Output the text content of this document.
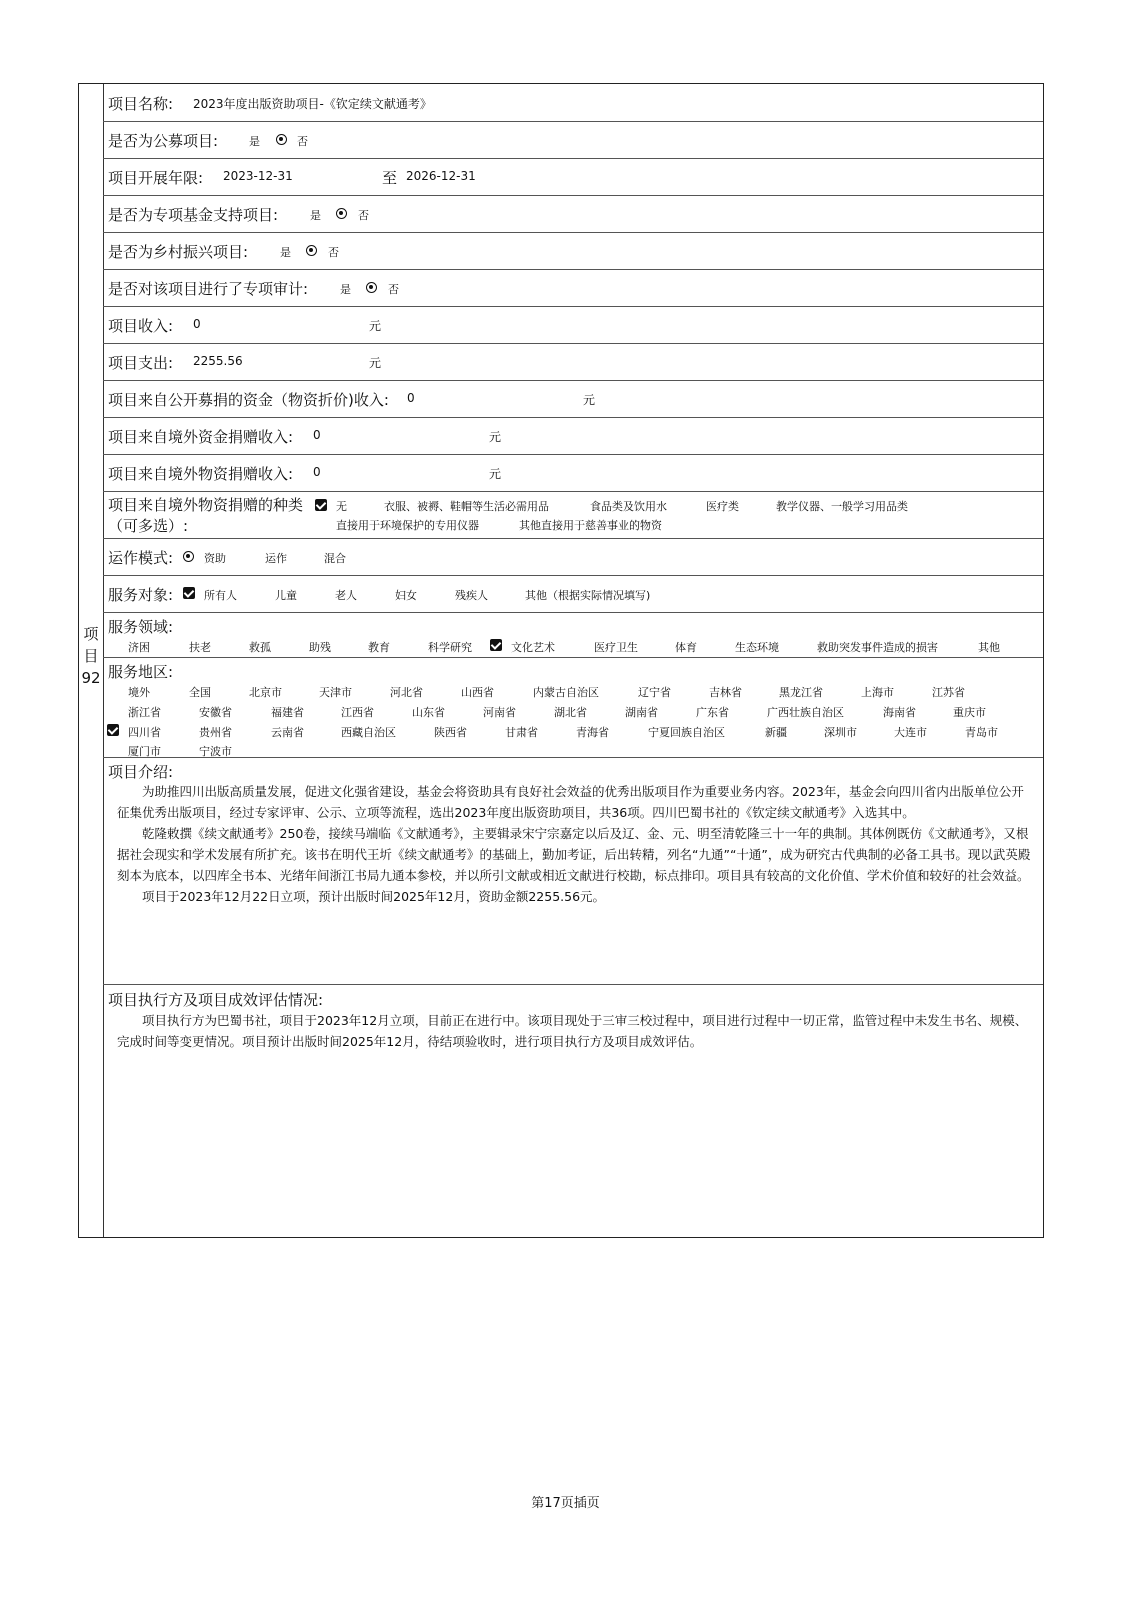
项
目
92
项目名称: 2023年度出版资助项目-《钦定续文献通考》
是否为公募项目:	是	否
项目开展年限: 2023-12-31	至 2026-12-31
是否为专项基金支持项目:	是	否
是否为乡村振兴项目:	是	否
是否对该项目进行了专项审计:	是	否
项目收入: 0	元
项目支出: 2255.56	元
项目来自公开募捐的资金（物资折价)收入: 0	元
项目来自境外资金捐赠收入: 0	元
项目来自境外物资捐赠收入: 0	元
项目来自境外物资捐赠的种类
（可多选）:
无	衣服、被褥、鞋帽等生活必需用品	食品类及饮用水	医疗类	教学仪器、一般学习用品类
直接用于环境保护的专用仪器	其他直接用于慈善事业的物资
运作模式:	资助	运作	混合
服务对象:	所有人	儿童	老人	妇女	残疾人	其他（根据实际情况填写)
服务领域:
济困	扶老	救孤	助残	教育	科学研究	文化艺术	医疗卫生	体育	生态环境	救助突发事件造成的损害	其他
服务地区:
境外	全国	北京市	天津市	河北省	山西省	内蒙古自治区	辽宁省	吉林省	黑龙江省	上海市	江苏省
浙江省	安徽省	福建省	江西省	山东省	河南省	湖北省	湖南省	广东省	广西壮族自治区	海南省	重庆市
四川省	贵州省	云南省	西藏自治区	陕西省	甘肃省	青海省	宁夏回族自治区	新疆	深圳市	大连市	青岛市
厦门市	宁波市
项目介绍:

为助推四川出版高质量发展，促进文化强省建设，基金会将资助具有良好社会效益的优秀出版项目作为重要业务内容。2023年，基金会向四川省内出版单位公开征集优秀出版项目，经过专家评审、公示、立项等流程，选出2023年度出版资助项目，共36项。四川巴蜀书社的《钦定续文献通考》入选其中。

乾隆敕撰《续文献通考》250卷，接续马端临《文献通考》，主要辑录宋宁宗嘉定以后及辽、金、元、明至清乾隆三十一年的典制。其体例既仿《文献通考》，又根据社会现实和学术发展有所扩充。该书在明代王圻《续文献通考》的基础上，勤加考证，后出转精，列名“九通”“十通”，成为研究古代典制的必备工具书。现以武英殿刻本为底本，以四库全书本、光绪年间浙江书局九通本参校，并以所引文献或相近文献进行校勘，标点排印。项目具有较高的文化价值、学术价值和较好的社会效益。

项目于2023年12月22日立项，预计出版时间2025年12月，资助金额2255.56元。

项目执行方及项目成效评估情况:

项目执行方为巴蜀书社，项目于2023年12月立项，目前正在进行中。该项目现处于三审三校过程中，项目进行过程中一切正常，监管过程中未发生书名、规模、完成时间等变更情况。项目预计出版时间2025年12月，待结项验收时，进行项目执行方及项目成效评估。

第17页插页
